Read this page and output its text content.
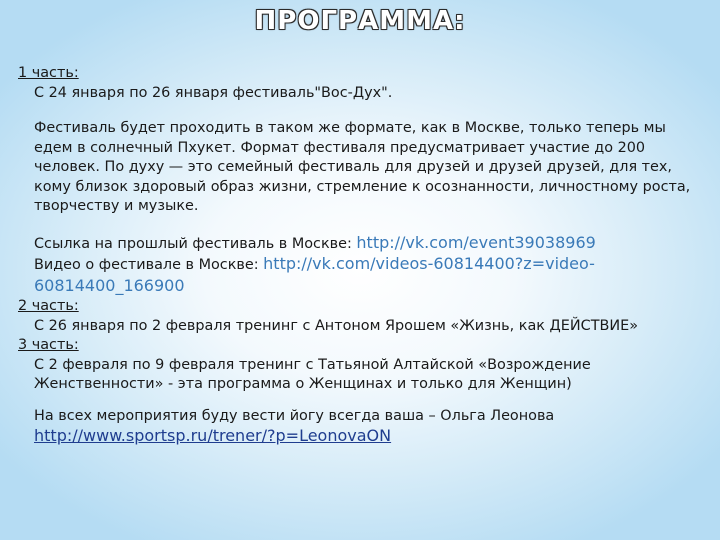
ПРОГРАММА:
1 часть:
С 24 января по 26 января фестиваль"Вос-Дух".
Фестиваль будет проходить в таком же формате, как в Москве, только теперь мы едем в солнечный Пхукет. Формат фестиваля предусматривает участие до 200 человек. По духу — это семейный фестиваль для друзей и друзей друзей, для тех, кому близок здоровый образ жизни, стремление к осознанности, личностному роста, творчеству и музыке.
Ссылка на прошлый фестиваль в Москве: http://vk.com/event39038969
Видео о фестивале в Москве: http://vk.com/videos-60814400?z=video-
60814400_166900
2 часть:
С 26 января по 2 февраля тренинг с Антоном Ярошем «Жизнь, как ДЕЙСТВИЕ»
3 часть:
С 2 февраля по 9 февраля тренинг с Татьяной Алтайской «Возрождение Женственности» - эта программа о Женщинах и только для Женщин)
На всех мероприятия буду вести йогу всегда ваша – Ольга Леонова
http://www.sportsp.ru/trener/?p=LeonovaON
